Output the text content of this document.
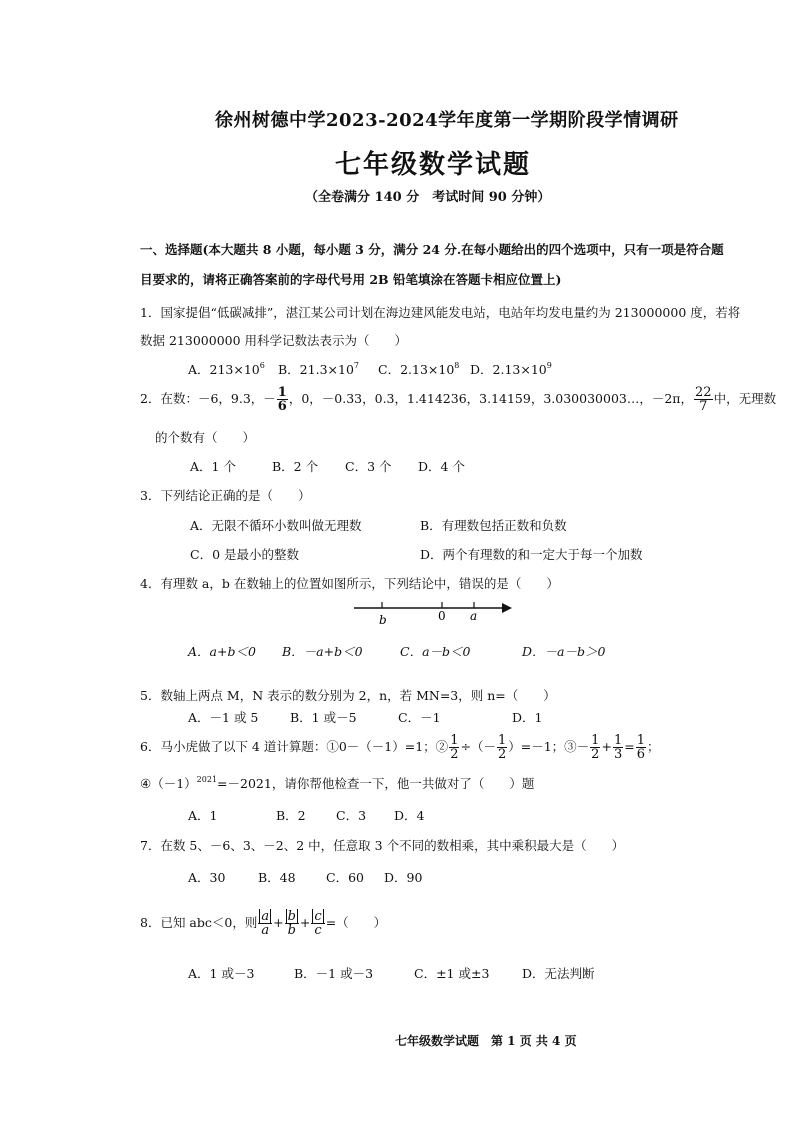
徐州树德中学2023-2024学年度第一学期阶段学情调研
七年级数学试题
（全卷满分 140 分　考试时间 90 分钟）
一、选择题(本大题共 8 小题，每小题 3 分，满分 24 分.在每小题给出的四个选项中，只有一项是符合题
目要求的，请将正确答案前的字母代号用 2B 铅笔填涂在答题卡相应位置上)
1．国家提倡“低碳减排”，湛江某公司计划在海边建风能发电站，电站年均发电量约为 213000000 度，若将
数据 213000000 用科学记数法表示为（　　）
A．$213\times 10^6$ B．$21.3\times 10^7$ C．$2.13\times 10^8$ D．$2.13\times 10^9$
2．在数：－6，9.3，－ $\frac{1}{6}$ ，0，－0.33，0.3，1.414236，3.14159，3.030030003…，－2π， $\frac{22}{7}$ 中，无理数
的个数有（　　）
A．1 个	B．2 个 C．3 个 D．4 个
3．下列结论正确的是（　　）
A．无限不循环小数叫做无理数	B．有理数包括正数和负数
C．0 是最小的整数	D．两个有理数的和一定大于每一个加数
4．有理数 a，b 在数轴上的位置如图所示，下列结论中，错误的是（　　）
b	0 a
A．a+b＜0 B．－a+b＜0	C．a－b＜0	D．－a－b＞0
5．数轴上两点 M，N 表示的数分别为 2，n，若 MN=3，则 n=（　　）
A．－1 或 5	B．1 或－5	C．－1	D．1
6．马小虎做了以下 4 道计算题：①0－（－1）=1；② $\frac{1}{2}$ ÷（－ $\frac{1}{2} )=-1$；③－ $\frac{1}{2} + \frac{1}{3} = \frac{1}{6}$ ；
$④(-1)^{2021}=-2021$，请你帮他检查一下，他一共做对了（　　）题
A．1	B．2 C．3 D．4
7．在数 5、－6、3、－2、2 中，任意取 3 个不同的数相乘，其中乘积最大是（　　）
A．30	B．48 C．60 D．90
8．已知 abc＜0，则 $\frac{a}{a} + \frac{b}{b} + \frac{c}{c}$ =（　　）
A．1 或－3	B．－1 或－3	C．±1 或±3	D．无法判断
七年级数学试题　第 1 页 共 4 页
